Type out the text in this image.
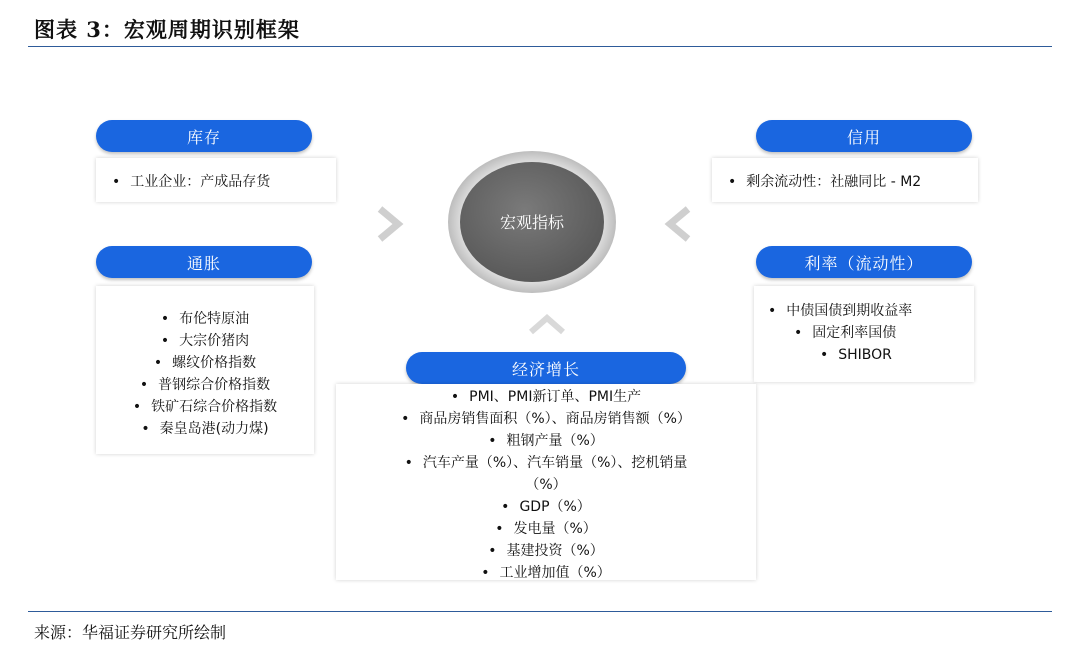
图表 3：宏观周期识别框架
宏观指标
库存
• 工业企业：产成品存货
通胀
• 布伦特原油
• 大宗价猪肉
• 螺纹价格指数
• 普钢综合价格指数
• 铁矿石综合价格指数
• 秦皇岛港(动力煤)
信用
• 剩余流动性：社融同比 - M2
利率（流动性）
• 中债国债到期收益率
• 固定利率国债
• SHIBOR
经济增长
• PMI、PMI新订单、PMI生产
• 商品房销售面积（%）、商品房销售额（%）
• 粗钢产量（%）
• 汽车产量（%）、汽车销量（%）、挖机销量
（%）
• GDP（%）
• 发电量（%）
• 基建投资（%）
• 工业增加值（%）
来源：华福证券研究所绘制
